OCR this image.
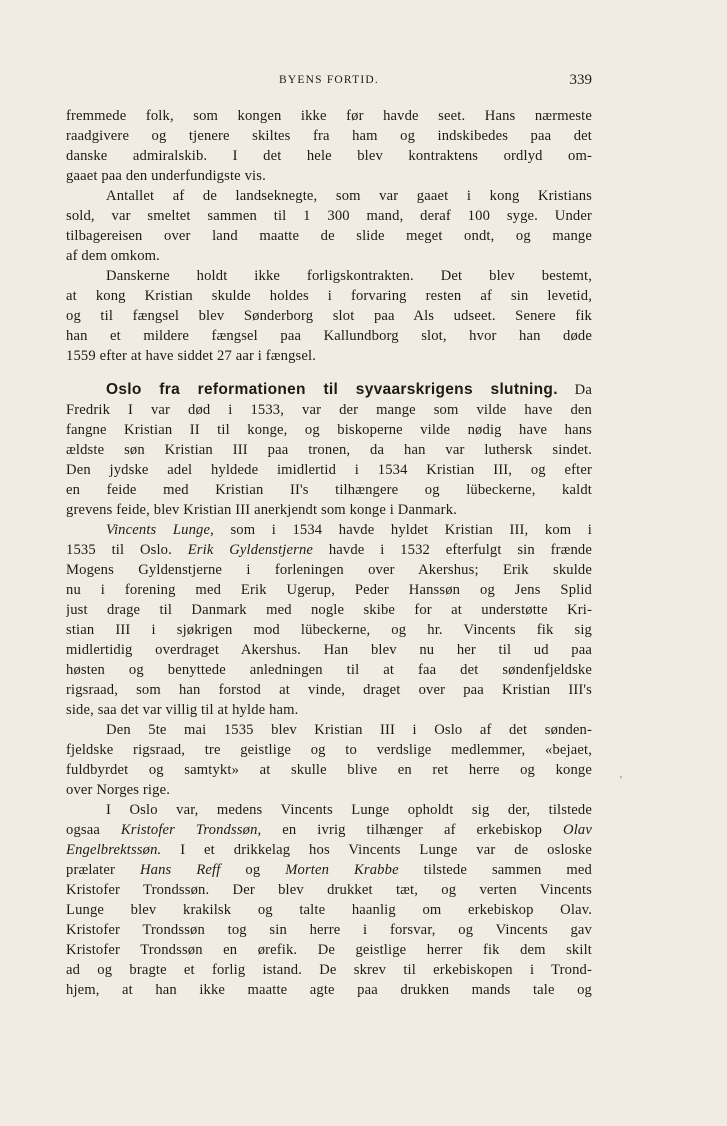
BYENS FORTID.	339
fremmede folk, som kongen ikke før havde seet. Hans nærmeste
raadgivere og tjenere skiltes fra ham og indskibedes paa det
danske admiralskib. I det hele blev kontraktens ordlyd om-
gaaet paa den underfundigste vis.
Antallet af de landseknegte, som var gaaet i kong Kristians
sold, var smeltet sammen til 1 300 mand, deraf 100 syge. Under
tilbagereisen over land maatte de slide meget ondt, og mange
af dem omkom.
Danskerne holdt ikke forligskontrakten. Det blev bestemt,
at kong Kristian skulde holdes i forvaring resten af sin levetid,
og til fængsel blev Sønderborg slot paa Als udseet. Senere fik
han et mildere fængsel paa Kallundborg slot, hvor han døde
1559 efter at have siddet 27 aar i fængsel.
Oslo fra reformationen til syvaarskrigens slutning. Da
Fredrik I var død i 1533, var der mange som vilde have den
fangne Kristian II til konge, og biskoperne vilde nødig have hans
ældste søn Kristian III paa tronen, da han var luthersk sindet.
Den jydske adel hyldede imidlertid i 1534 Kristian III, og efter
en feide med Kristian II's tilhængere og lübeckerne, kaldt
grevens feide, blev Kristian III anerkjendt som konge i Danmark.
Vincents Lunge, som i 1534 havde hyldet Kristian III, kom i
1535 til Oslo. Erik Gyldenstjerne havde i 1532 efterfulgt sin frænde
Mogens Gyldenstjerne i forleningen over Akershus; Erik skulde
nu i forening med Erik Ugerup, Peder Hanssøn og Jens Splid
just drage til Danmark med nogle skibe for at understøtte Kri-
stian III i sjøkrigen mod lübeckerne, og hr. Vincents fik sig
midlertidig overdraget Akershus. Han blev nu her til ud paa
høsten og benyttede anledningen til at faa det søndenfjeldske
rigsraad, som han forstod at vinde, draget over paa Kristian III's
side, saa det var villig til at hylde ham.
Den 5te mai 1535 blev Kristian III i Oslo af det sønden-
fjeldske rigsraad, tre geistlige og to verdslige medlemmer, «bejaet,
fuldbyrdet og samtykt» at skulle blive en ret herre og konge
over Norges rige.
I Oslo var, medens Vincents Lunge opholdt sig der, tilstede
ogsaa Kristofer Trondssøn, en ivrig tilhænger af erkebiskop Olav
Engelbrektssøn. I et drikkelag hos Vincents Lunge var de osloske
prælater Hans Reff og Morten Krabbe tilstede sammen med
Kristofer Trondssøn. Der blev drukket tæt, og verten Vincents
Lunge blev krakilsk og talte haanlig om erkebiskop Olav.
Kristofer Trondssøn tog sin herre i forsvar, og Vincents gav
Kristofer Trondssøn en ørefik. De geistlige herrer fik dem skilt
ad og bragte et forlig istand. De skrev til erkebiskopen i Trond-
hjem, at han ikke maatte agte paa drukken mands tale og
‚
